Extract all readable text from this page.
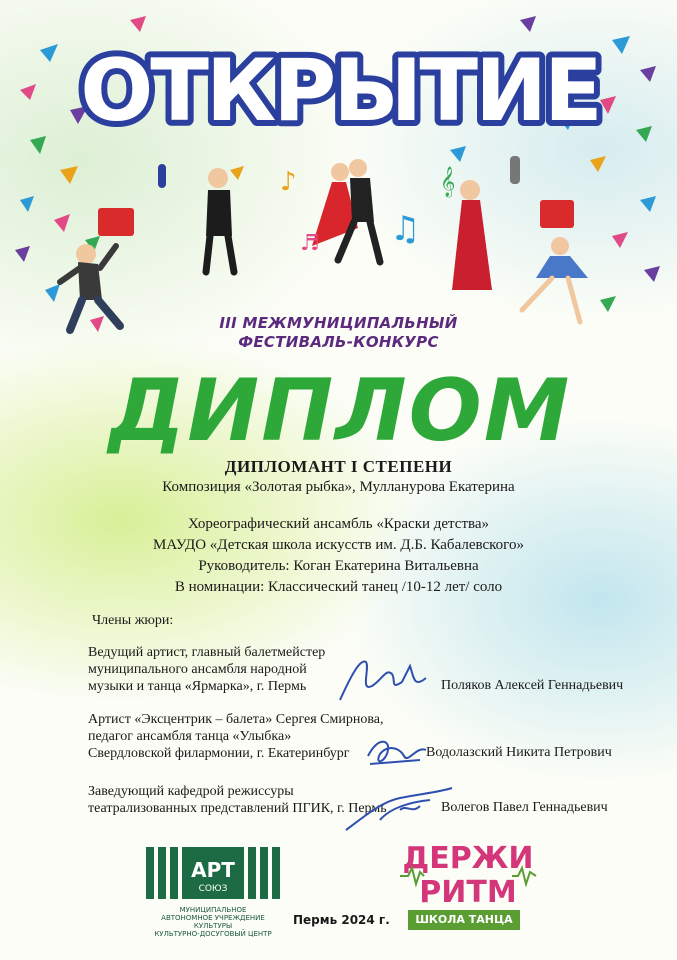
ОТКРЫТИЕ
♪
♫
𝄞
♬
III МЕЖМУНИЦИПАЛЬНЫЙ
ФЕСТИВАЛЬ-КОНКУРС
ДИПЛОМ
ДИПЛОМАНТ I СТЕПЕНИ
Композиция «Золотая рыбка», Мулланурова Екатерина
Хореографический ансамбль «Краски детства»
МАУДО «Детская школа искусств им. Д.Б. Кабалевского»
Руководитель: Коган Екатерина Витальевна
В номинации: Классический танец /10-12 лет/ соло
Члены жюри:
Ведущий артист, главный балетмейстер
муниципального ансамбля народной
музыки и танца «Ярмарка», г. Пермь	Поляков Алексей Геннадьевич
Артист «Эксцентрик – балета» Сергея Смирнова,
педагог ансамбля танца «Улыбка»
Свердловской филармонии, г. Екатеринбург	Водолазский Никита Петрович
Заведующий кафедрой режиссуры
театрализованных представлений ПГИК, г. Пермь	Волегов Павел Геннадьевич
АРТ
СОЮЗ
МУНИЦИПАЛЬНОЕ
АВТОНОМНОЕ УЧРЕЖДЕНИЕ КУЛЬТУРЫ
КУЛЬТУРНО-ДОСУГОВЫЙ ЦЕНТР
Пермь 2024 г.
ДЕРЖИ
РИТМ
ШКОЛА ТАНЦА
